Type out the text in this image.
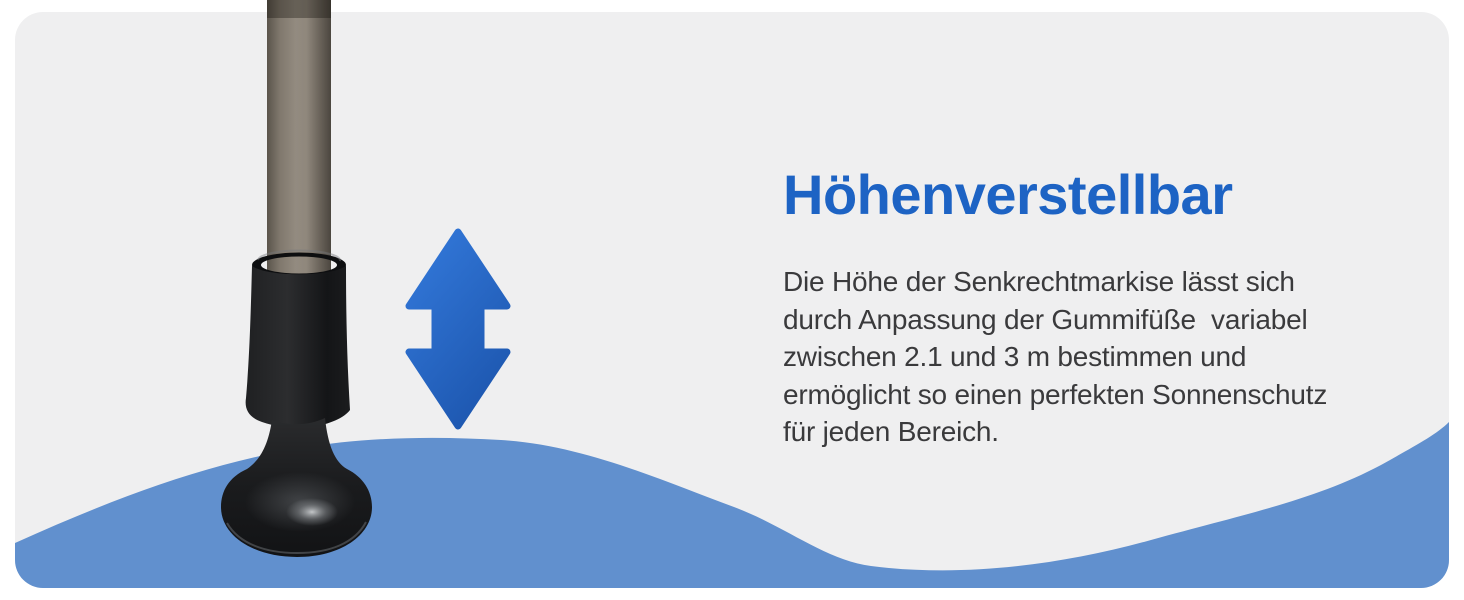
Höhenverstellbar
Die Höhe der Senkrechtmarkise lässt sich
durch Anpassung der Gummifüße  variabel
zwischen 2.1 und 3 m bestimmen und
ermöglicht so einen perfekten Sonnenschutz
für jeden Bereich.
